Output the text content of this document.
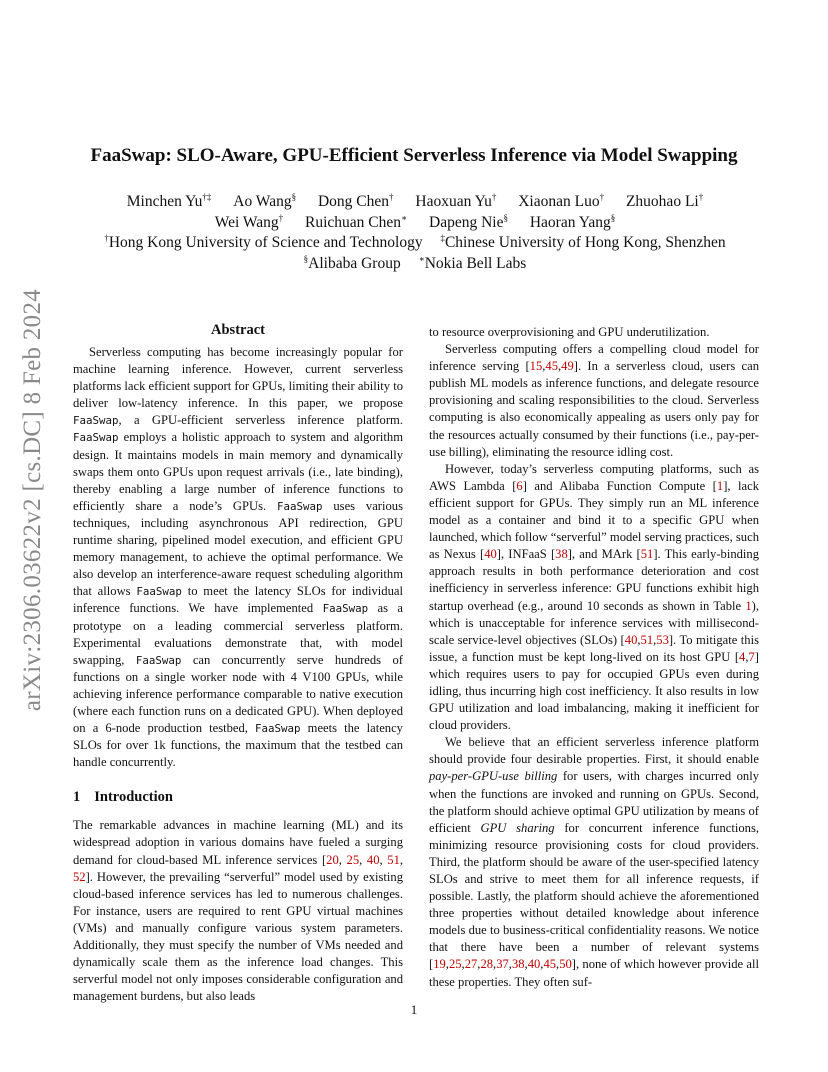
arXiv:2306.03622v2 [cs.DC] 8 Feb 2024
FaaSwap: SLO-Aware, GPU-Efficient Serverless Inference via Model Swapping
Minchen Yu†‡ Ao Wang§ Dong Chen† Haoxuan Yu† Xiaonan Luo† Zhuohao Li†
Wei Wang† Ruichuan Chen∗ Dapeng Nie§ Haoran Yang§
†Hong Kong University of Science and Technology ‡Chinese University of Hong Kong, Shenzhen
§Alibaba Group ∗Nokia Bell Labs
Abstract

Serverless computing has become increasingly popular for machine learning inference. However, current serverless platforms lack efficient support for GPUs, limiting their ability to deliver low-latency inference. In this paper, we propose FaaSwap, a GPU-efficient serverless inference platform. FaaSwap employs a holistic approach to system and algorithm design. It maintains models in main memory and dynamically swaps them onto GPUs upon request arrivals (i.e., late binding), thereby enabling a large number of inference functions to efficiently share a node’s GPUs. FaaSwap uses various techniques, including asynchronous API redirection, GPU runtime sharing, pipelined model execution, and efficient GPU memory management, to achieve the optimal performance. We also develop an interference-aware request scheduling algorithm that allows FaaSwap to meet the latency SLOs for individual inference functions. We have implemented FaaSwap as a prototype on a leading commercial serverless platform. Experimental evaluations demonstrate that, with model swapping, FaaSwap can concurrently serve hundreds of functions on a single worker node with 4 V100 GPUs, while achieving inference performance comparable to native execution (where each function runs on a dedicated GPU). When deployed on a 6-node production testbed, FaaSwap meets the latency SLOs for over 1k functions, the maximum that the testbed can handle concurrently.

1 Introduction

The remarkable advances in machine learning (ML) and its widespread adoption in various domains have fueled a surging demand for cloud-based ML inference services [20, 25, 40, 51, 52]. However, the prevailing “serverful” model used by existing cloud-based inference services has led to numerous challenges. For instance, users are required to rent GPU virtual machines (VMs) and manually configure various system parameters. Additionally, they must specify the number of VMs needed and dynamically scale them as the inference load changes. This serverful model not only imposes considerable configuration and management burdens, but also leads

to resource overprovisioning and GPU underutilization.

Serverless computing offers a compelling cloud model for inference serving [15,45,49]. In a serverless cloud, users can publish ML models as inference functions, and delegate resource provisioning and scaling responsibilities to the cloud. Serverless computing is also economically appealing as users only pay for the resources actually consumed by their functions (i.e., pay-per-use billing), eliminating the resource idling cost.

However, today’s serverless computing platforms, such as AWS Lambda [6] and Alibaba Function Compute [1], lack efficient support for GPUs. They simply run an ML inference model as a container and bind it to a specific GPU when launched, which follow “serverful” model serving practices, such as Nexus [40], INFaaS [38], and MArk [51]. This early-binding approach results in both performance deterioration and cost inefficiency in serverless inference: GPU functions exhibit high startup overhead (e.g., around 10 seconds as shown in Table 1), which is unacceptable for inference services with millisecond-scale service-level objectives (SLOs) [40,51,53]. To mitigate this issue, a function must be kept long-lived on its host GPU [4,7] which requires users to pay for occupied GPUs even during idling, thus incurring high cost inefficiency. It also results in low GPU utilization and load imbalancing, making it inefficient for cloud providers.

We believe that an efficient serverless inference platform should provide four desirable properties. First, it should enable pay-per-GPU-use billing for users, with charges incurred only when the functions are invoked and running on GPUs. Second, the platform should achieve optimal GPU utilization by means of efficient GPU sharing for concurrent inference functions, minimizing resource provisioning costs for cloud providers. Third, the platform should be aware of the user-specified latency SLOs and strive to meet them for all inference requests, if possible. Lastly, the platform should achieve the aforementioned three properties without detailed knowledge about inference models due to business-critical confidentiality reasons. We notice that there have been a number of relevant systems [19,25,27,28,37,38,40,45,50], none of which however provide all these properties. They often suf-

1
